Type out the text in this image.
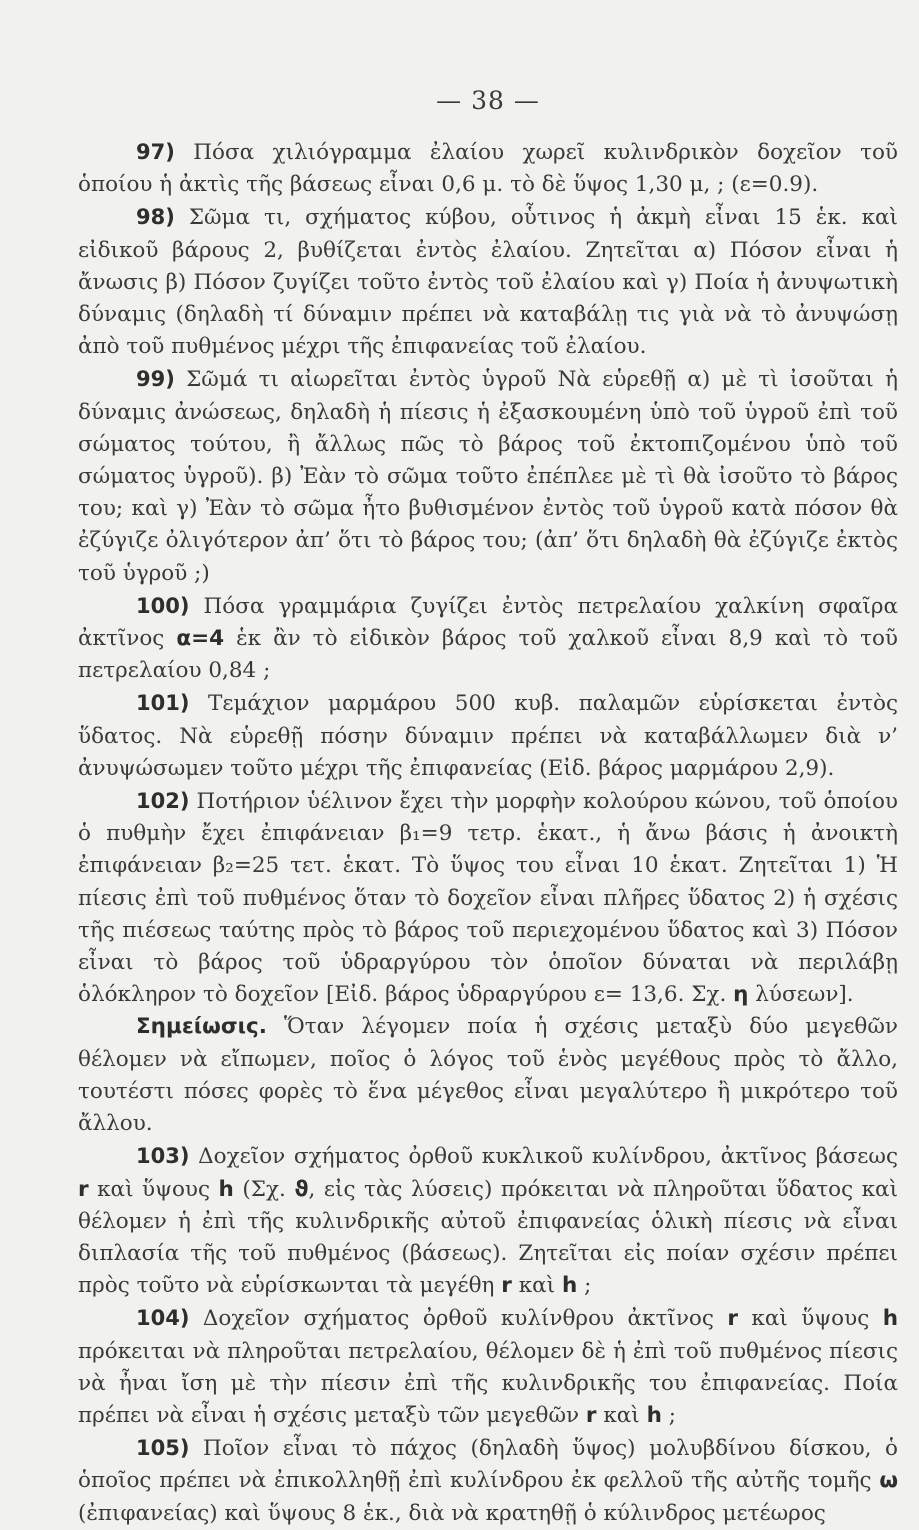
— 38 —

97) Πόσα χιλιόγραμμα ἐλαίου χωρεῖ κυλινδρικὸν δοχεῖον τοῦ ὁποίου ἡ ἀκτὶς τῆς βάσεως εἶναι 0,6 μ. τὸ δὲ ὕψος 1,30 μ, ; (ε=0.9).

98) Σῶμα τι, σχήματος κύβου, οὗτινος ἡ ἀκμὴ εἶναι 15 ἑκ. καὶ εἰδικοῦ βάρους 2, βυθίζεται ἐντὸς ἐλαίου. Ζητεῖται α) Πόσον εἶναι ἡ ἄνωσις β) Πόσον ζυγίζει τοῦτο ἐντὸς τοῦ ἐλαίου καὶ γ) Ποία ἡ ἀνυψωτικὴ δύναμις (δηλαδὴ τί δύναμιν πρέπει νὰ καταβάλῃ τις γιὰ νὰ τὸ ἀνυψώσῃ ἀπὸ τοῦ πυθμένος μέχρι τῆς ἐπιφανείας τοῦ ἐλαίου.

99) Σῶμά τι αἰωρεῖται ἐντὸς ὑγροῦ Νὰ εὑρεθῇ α) μὲ τὶ ἰσοῦται ἡ δύναμις ἀνώσεως, δηλαδὴ ἡ πίεσις ἡ ἐξασκουμένη ὑπὸ τοῦ ὑγροῦ ἐπὶ τοῦ σώματος τούτου, ἢ ἄλλως πῶς τὸ βάρος τοῦ ἐκτοπιζομένου ὑπὸ τοῦ σώματος ὑγροῦ). β) Ἐὰν τὸ σῶμα τοῦτο ἐπέπλεε μὲ τὶ θὰ ἰσοῦτο τὸ βάρος του; καὶ γ) Ἐὰν τὸ σῶμα ἦτο βυθισμένον ἐντὸς τοῦ ὑγροῦ κατὰ πόσον θὰ ἐζύγιζε ὀλιγότερον ἀπ’ ὅτι τὸ βάρος του; (ἀπ’ ὅτι δηλαδὴ θὰ ἐζύγιζε ἐκτὸς τοῦ ὑγροῦ ;)

100) Πόσα γραμμάρια ζυγίζει ἐντὸς πετρελαίου χαλκίνη σφαῖρα ἀκτῖνος α=4 ἑκ ἂν τὸ εἰδικὸν βάρος τοῦ χαλκοῦ εἶναι 8,9 καὶ τὸ τοῦ πετρελαίου 0,84 ;

101) Τεμάχιον μαρμάρου 500 κυβ. παλαμῶν εὑρίσκεται ἐντὸς ὕδατος. Νὰ εὑρεθῇ πόσην δύναμιν πρέπει νὰ καταβάλλωμεν διὰ ν’ ἀνυψώσωμεν τοῦτο μέχρι τῆς ἐπιφανείας (Εἰδ. βάρος μαρμάρου 2,9).

102) Ποτήριον ὑέλινον ἔχει τὴν μορφὴν κολούρου κώνου, τοῦ ὁποίου ὁ πυθμὴν ἔχει ἐπιφάνειαν β₁=9 τετρ. ἑκατ., ἡ ἄνω βάσις ἡ ἀνοικτὴ ἐπιφάνειαν β₂=25 τετ. ἑκατ. Τὸ ὕψος του εἶναι 10 ἑκατ. Ζητεῖται 1) Ἡ πίεσις ἐπὶ τοῦ πυθμένος ὅταν τὸ δοχεῖον εἶναι πλῆρες ὕδατος 2) ἡ σχέσις τῆς πιέσεως ταύτης πρὸς τὸ βάρος τοῦ περιεχομένου ὕδατος καὶ 3) Πόσον εἶναι τὸ βάρος τοῦ ὑδραργύρου τὸν ὁποῖον δύναται νὰ περιλάβῃ ὁλόκληρον τὸ δοχεῖον [Εἰδ. βάρος ὑδραργύρου ε= 13,6. Σχ. η λύσεων].

Σημείωσις. Ὅταν λέγομεν ποία ἡ σχέσις μεταξὺ δύο μεγεθῶν θέλομεν νὰ εἴπωμεν, ποῖος ὁ λόγος τοῦ ἑνὸς μεγέθους πρὸς τὸ ἄλλο, τουτέστι πόσες φορὲς τὸ ἕνα μέγεθος εἶναι μεγαλύτερο ἢ μικρότερο τοῦ ἄλλου.

103) Δοχεῖον σχήματος ὀρθοῦ κυκλικοῦ κυλίνδρου, ἀκτῖνος βάσεως r καὶ ὕψους h (Σχ. ϑ, εἰς τὰς λύσεις) πρόκειται νὰ πληροῦται ὕδατος καὶ θέλομεν ἡ ἐπὶ τῆς κυλινδρικῆς αὐτοῦ ἐπιφανείας ὁλικὴ πίεσις νὰ εἶναι διπλασία τῆς τοῦ πυθμένος (βάσεως). Ζητεῖται εἰς ποίαν σχέσιν πρέπει πρὸς τοῦτο νὰ εὑρίσκωνται τὰ μεγέθη r καὶ h ;

104) Δοχεῖον σχήματος ὀρθοῦ κυλίνθρου ἀκτῖνος r καὶ ὕψους h πρόκειται νὰ πληροῦται πετρελαίου, θέλομεν δὲ ἡ ἐπὶ τοῦ πυθμένος πίεσις νὰ ἦναι ἴση μὲ τὴν πίεσιν ἐπὶ τῆς κυλινδρικῆς του ἐπιφανείας. Ποία πρέπει νὰ εἶναι ἡ σχέσις μεταξὺ τῶν μεγεθῶν r καὶ h ;

105) Ποῖον εἶναι τὸ πάχος (δηλαδὴ ὕψος) μολυβδίνου δίσκου, ὁ ὁποῖος πρέπει νὰ ἐπικολληθῇ ἐπὶ κυλίνδρου ἐκ φελλοῦ τῆς αὐτῆς τομῆς ω (ἐπιφανείας) καὶ ὕψους 8 ἑκ., διὰ νὰ κρατηθῇ ὁ κύλινδρος μετέωρος
